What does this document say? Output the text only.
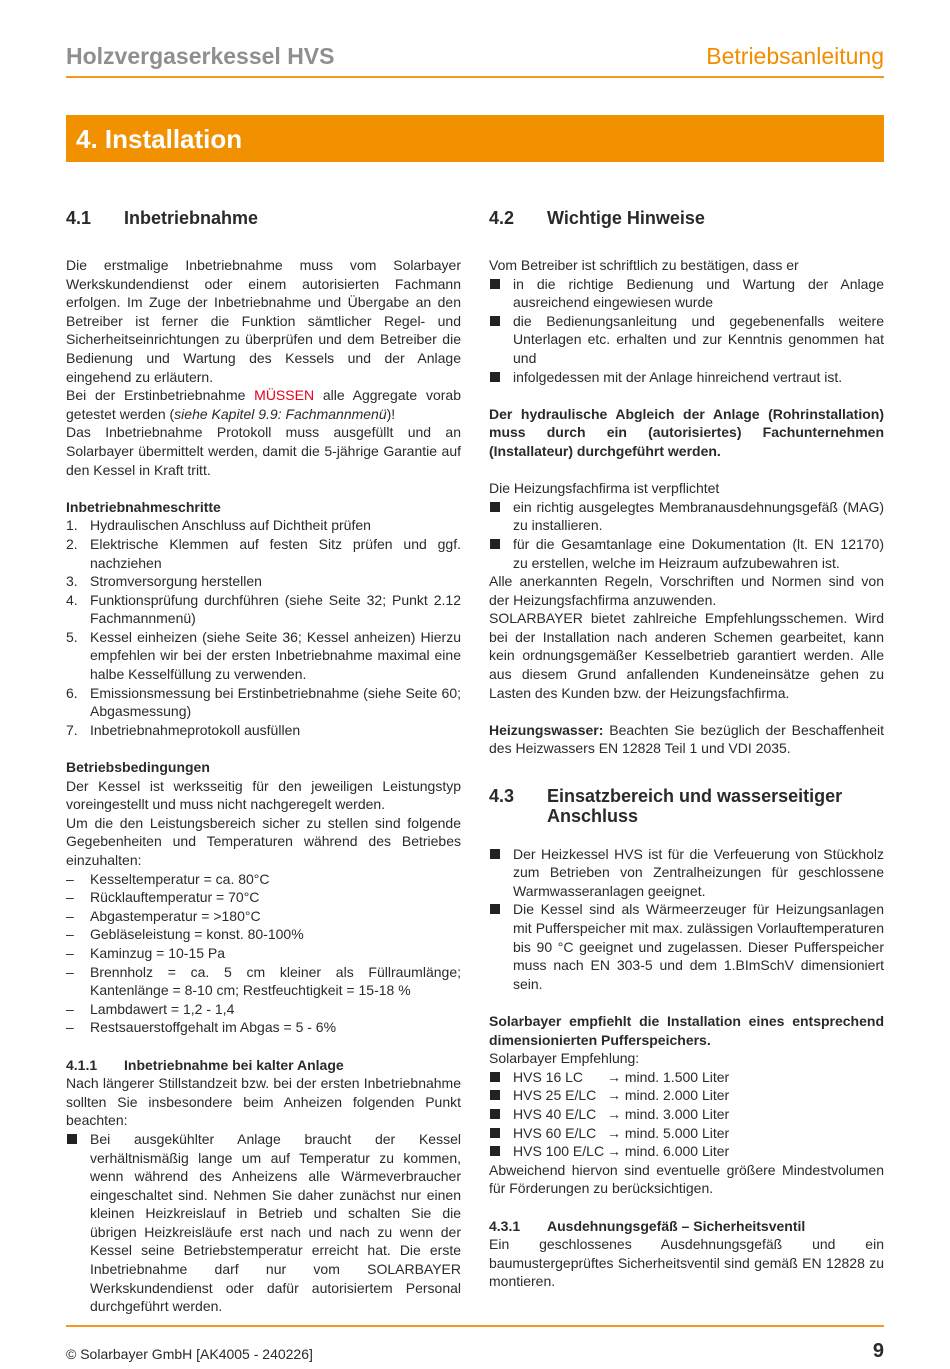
Holzvergaserkessel HVS	Betriebsanleitung
4. Installation
4.1	Inbetriebnahme

Die erstmalige Inbetriebnahme muss vom Solarbayer Werkskundendienst oder einem autorisierten Fachmann erfolgen. Im Zuge der Inbetriebnahme und Übergabe an den Betreiber ist ferner die Funktion sämtlicher Regel- und Sicherheitseinrichtungen zu überprüfen und dem Betreiber die Bedienung und Wartung des Kessels und der Anlage eingehend zu erläutern.

Bei der Erstinbetriebnahme MÜSSEN alle Aggregate vorab getestet werden (siehe Kapitel 9.9: Fachmannmenü)!

Das Inbetriebnahme Protokoll muss ausgefüllt und an Solarbayer übermittelt werden, damit die 5-jährige Garantie auf den Kessel in Kraft tritt.

Inbetriebnahmeschritte
1. Hydraulischen Anschluss auf Dichtheit prüfen
2. Elektrische Klemmen auf festen Sitz prüfen und ggf. nachziehen
3. Stromversorgung herstellen
4. Funktionsprüfung durchführen (siehe Seite 32; Punkt 2.12 Fachmannmenü)
5. Kessel einheizen (siehe Seite 36; Kessel anheizen) Hierzu empfehlen wir bei der ersten Inbetriebnahme maximal eine halbe Kesselfüllung zu verwenden.
6. Emissionsmessung bei Erstinbetriebnahme (siehe Seite 60; Abgasmessung)
7. Inbetriebnahmeprotokoll ausfüllen
Betriebsbedingungen

Der Kessel ist werksseitig für den jeweiligen Leistungstyp voreingestellt und muss nicht nachgeregelt werden.

Um die den Leistungsbereich sicher zu stellen sind folgende Gegebenheiten und Temperaturen während des Betriebes einzuhalten:

–	Kesseltemperatur = ca. 80°C
–	Rücklauftemperatur = 70°C
–	Abgastemperatur = >180°C
–	Gebläseleistung = konst. 80-100%
–	Kaminzug = 10-15 Pa
–	Brennholz = ca. 5 cm kleiner als Füllraumlänge; Kantenlänge = 8-10 cm; Restfeuchtigkeit = 15-18 %
–	Lambdawert = 1,2 - 1,4
–	Restsauerstoffgehalt im Abgas = 5 - 6%
4.1.1	Inbetriebnahme bei kalter Anlage

Nach längerer Stillstandzeit bzw. bei der ersten Inbetriebnahme sollten Sie insbesondere beim Anheizen folgenden Punkt beachten:

Bei ausgekühlter Anlage braucht der Kessel verhältnismäßig lange um auf Temperatur zu kommen, wenn während des Anheizens alle Wärmeverbraucher eingeschaltet sind. Nehmen Sie daher zunächst nur einen kleinen Heizkreislauf in Betrieb und schalten Sie die übrigen Heizkreisläufe erst nach und nach zu wenn der Kessel seine Betriebstemperatur erreicht hat. Die erste Inbetriebnahme darf nur vom SOLARBAYER Werkskundendienst oder dafür autorisiertem Personal durchgeführt werden.
4.2	Wichtige Hinweise

Vom Betreiber ist schriftlich zu bestätigen, dass er

in die richtige Bedienung und Wartung der Anlage ausreichend eingewiesen wurde
die Bedienungsanleitung und gegebenenfalls weitere Unterlagen etc. erhalten und zur Kenntnis genommen hat und
infolgedessen mit der Anlage hinreichend vertraut ist.

Der hydraulische Abgleich der Anlage (Rohrinstallation) muss durch ein (autorisiertes) Fachunternehmen (Installateur) durchgeführt werden.

Die Heizungsfachfirma ist verpflichtet

ein richtig ausgelegtes Membranausdehnungsgefäß (MAG) zu installieren.
für die Gesamtanlage eine Dokumentation (lt. EN 12170) zu erstellen, welche im Heizraum aufzubewahren ist.

Alle anerkannten Regeln, Vorschriften und Normen sind von der Heizungsfachfirma anzuwenden.

SOLARBAYER bietet zahlreiche Empfehlungsschemen. Wird bei der Installation nach anderen Schemen gearbeitet, kann kein ordnungsgemäßer Kesselbetrieb garantiert werden. Alle aus diesem Grund anfallenden Kundeneinsätze gehen zu Lasten des Kunden bzw. der Heizungsfachfirma.

Heizungswasser: Beachten Sie bezüglich der Beschaffenheit des Heizwassers EN 12828 Teil 1 und VDI 2035.

4.3	Einsatzbereich und wasserseitiger Anschluss
Der Heizkessel HVS ist für die Verfeuerung von Stückholz zum Betrieben von Zentralheizungen für geschlossene Warmwasseranlagen geeignet.
Die Kessel sind als Wärmeerzeuger für Heizungsanlagen mit Pufferspeicher mit max. zulässigen Vorlauftemperaturen bis 90 °C geeignet und zugelassen. Dieser Pufferspeicher muss nach EN 303-5 und dem 1.BImSchV dimensioniert sein.

Solarbayer empfiehlt die Installation eines entsprechend dimensionierten Pufferspeichers.

Solarbayer Empfehlung:
HVS 16 LC	→ mind. 1.500 Liter
HVS 25 E/LC → mind. 2.000 Liter
HVS 40 E/LC → mind. 3.000 Liter
HVS 60 E/LC → mind. 5.000 Liter
HVS 100 E/LC → mind. 6.000 Liter

Abweichend hiervon sind eventuelle größere Mindestvolumen für Förderungen zu berücksichtigen.

4.3.1	Ausdehnungsgefäß – Sicherheitsventil

Ein geschlossenes Ausdehnungsgefäß und ein baumustergeprüftes Sicherheitsventil sind gemäß EN 12828 zu montieren.

© Solarbayer GmbH [AK4005 - 240226]	9
